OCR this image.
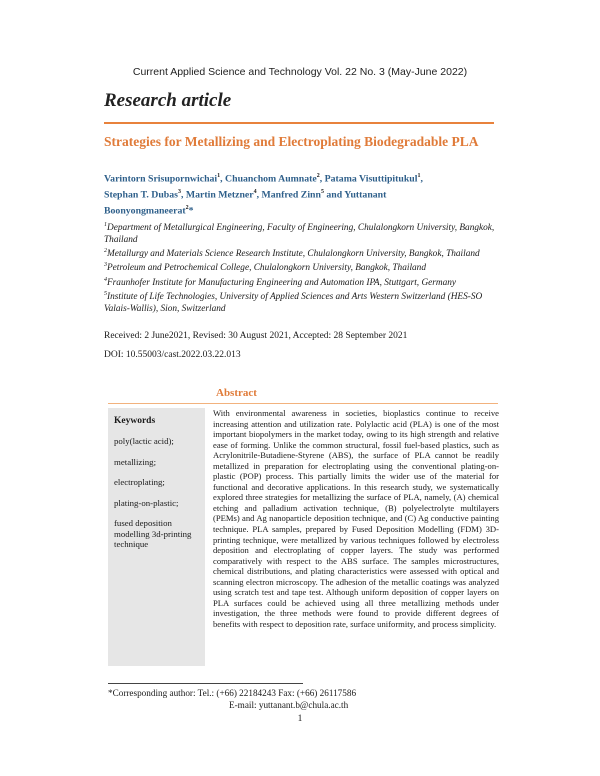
Current Applied Science and Technology Vol. 22 No. 3 (May-June 2022)
Research article
Strategies for Metallizing and Electroplating Biodegradable PLA
Varintorn Srisupornwichai$^1$, Chuanchom Aumnate$^2$, Patama Visuttipitukul$^1$,
Stephan T. Dubas$^3$, Martin Metzner$^4$, Manfred Zinn$^5$ and Yuttanant
Boonyongmaneerat$^2$*

$^1$Department of Metallurgical Engineering, Faculty of Engineering, Chulalongkorn University, Bangkok, Thailand

$^2$Metallurgy and Materials Science Research Institute, Chulalongkorn University, Bangkok, Thailand

$^3$Petroleum and Petrochemical College, Chulalongkorn University, Bangkok, Thailand

$^4$Fraunhofer Institute for Manufacturing Engineering and Automation IPA, Stuttgart, Germany

$^5$Institute of Life Technologies, University of Applied Sciences and Arts Western Switzerland (HES-SO Valais-Wallis), Sion, Switzerland

Received: 2 June2021, Revised: 30 August 2021, Accepted: 28 September 2021
DOI: 10.55003/cast.2022.03.22.013
Abstract
Keywords
poly(lactic acid);
metallizing;
electroplating;
plating-on-plastic;
fused deposition modelling 3d-printing technique
With environmental awareness in societies, bioplastics continue to receive increasing attention and utilization rate. Polylactic acid (PLA) is one of the most important biopolymers in the market today, owing to its high strength and relative ease of forming. Unlike the common structural, fossil fuel-based plastics, such as Acrylonitrile-Butadiene-Styrene (ABS), the surface of PLA cannot be readily metallized in preparation for electroplating using the conventional plating-on-plastic (POP) process. This partially limits the wider use of the material for functional and decorative applications. In this research study, we systematically explored three strategies for metallizing the surface of PLA, namely, (A) chemical etching and palladium activation technique, (B) polyelectrolyte multilayers (PEMs) and Ag nanoparticle deposition technique, and (C) Ag conductive painting technique. PLA samples, prepared by Fused Deposition Modelling (FDM) 3D-printing technique, were metallized by various techniques followed by electroless deposition and electroplating of copper layers. The study was performed comparatively with respect to the ABS surface. The samples microstructures, chemical distributions, and plating characteristics were assessed with optical and scanning electron microscopy. The adhesion of the metallic coatings was analyzed using scratch test and tape test. Although uniform deposition of copper layers on PLA surfaces could be achieved using all three metallizing methods under investigation, the three methods were found to provide different degrees of benefits with respect to deposition rate, surface uniformity, and process simplicity.
*Corresponding author: Tel.: (+66) 22184243 Fax: (+66) 26117586
E-mail: yuttanant.b@chula.ac.th
1
